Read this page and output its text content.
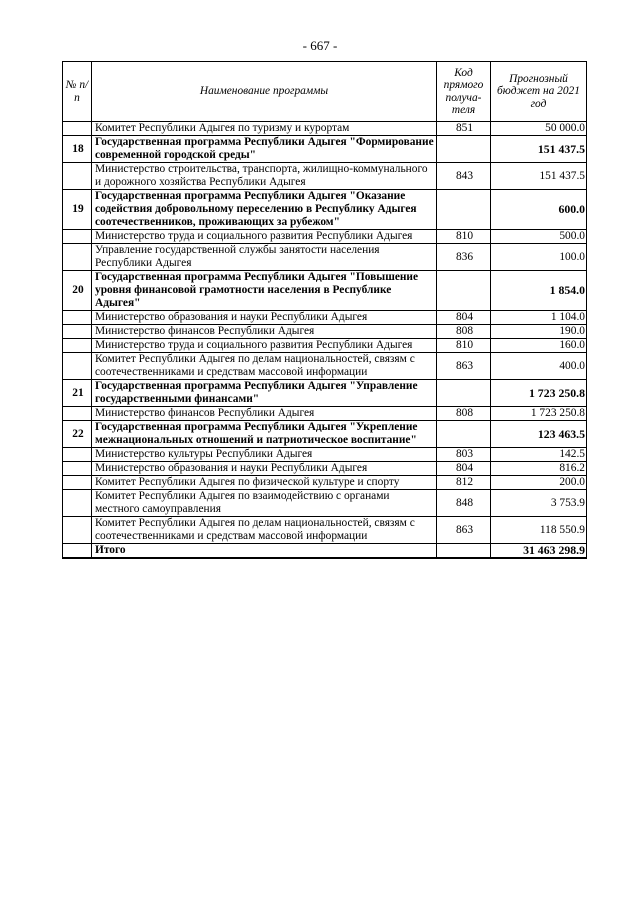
- 667 -
№ п/п	Наименование программы	Код прямого получа-теля	Прогнозный бюджет на 2021 год
	Комитет Республики Адыгея по туризму и курортам	851	50 000.0
18	Государственная программа Республики Адыгея "Формирование современной городской среды"		151 437.5
	Министерство строительства, транспорта, жилищно-коммунального и дорожного хозяйства Республики Адыгея	843	151 437.5
19	Государственная программа Республики Адыгея "Оказание содействия добровольному переселению в Республику Адыгея соотечественников, проживающих за рубежом"		600.0
	Министерство труда и социального развития Республики Адыгея	810	500.0
	Управление государственной службы занятости населения Республики Адыгея	836	100.0
20	Государственная программа Республики Адыгея "Повышение уровня финансовой грамотности населения в Республике Адыгея"		1 854.0
	Министерство образования и науки Республики Адыгея	804	1 104.0
	Министерство финансов Республики Адыгея	808	190.0
	Министерство труда и социального развития Республики Адыгея	810	160.0
	Комитет Республики Адыгея по делам национальностей, связям с соотечественниками и средствам массовой информации	863	400.0
21	Государственная программа Республики Адыгея "Управление государственными финансами"		1 723 250.8
	Министерство финансов Республики Адыгея	808	1 723 250.8
22	Государственная программа Республики Адыгея "Укрепление межнациональных отношений и патриотическое воспитание"		123 463.5
	Министерство культуры Республики Адыгея	803	142.5
	Министерство образования и науки Республики Адыгея	804	816.2
	Комитет Республики Адыгея по физической культуре и спорту	812	200.0
	Комитет Республики Адыгея по взаимодействию с органами местного самоуправления	848	3 753.9
	Комитет Республики Адыгея по делам национальностей, связям с соотечественниками и средствам массовой информации	863	118 550.9
	Итого		31 463 298.9
